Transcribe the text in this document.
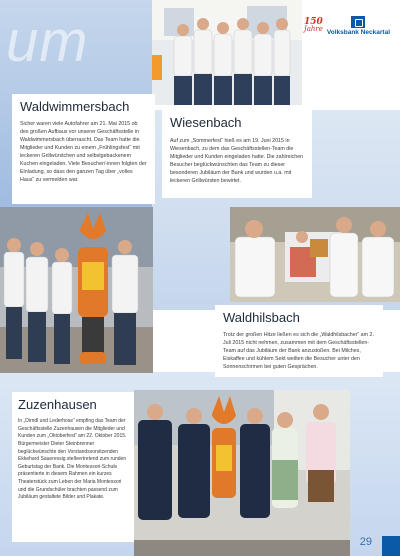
um	150
Jahre Volksbank Neckartal
Waldwimmersbach
Sicher waren viele Autofahrer am 21. Mai 2015 ob des großen Aufbaus vor unserer Geschäftsstelle in Waldwimmersbach überrascht. Das Team hatte die Mitglieder und Kunden zu einem „Frühlingsfest“ mit leckeren Grillwürstchen und selbstgebackenem Kuchen eingeladen. Viele Besucher/-innen folgten der Einladung, so dass den ganzen Tag über „volles Haus“ zu vermelden war.
Wiesenbach
Auf zum „Sommerfest“ hieß es am 19. Juni 2015 in Wiesenbach, zu dem das Geschäftsstellen-Team die Mitglieder und Kunden eingeladen hatte. Die zahlreichen Besucher begIückwünschten das Team zu dieser besonderen Jubiläum der Bank und wurden u.a. mit leckeren Grillwürsten bewirtet.
Waldhilsbach
Trotz der großen Hitze ließen es sich die „Waldhilsbacher“ am 2. Juli 2015 nicht nehmen, zusammen mit dem Geschäftsstellen-Team auf das Jubiläum der Bank anzustoßen. Bei Milches, Eiskaffee und kühlem Sekt weilten die Besucher unter den Sonnenschirmen bei guten Gesprächen.
Zuzenhausen
In „Dirndl und Lederhose“ empfing das Team der Geschäftsstelle Zuzenhausen die Mitglieder und Kunden zum „Oktoberfest“ am 22. Oktober 2015. Bürgermeister Dieter Steinbrenner beglückwünschte den Vorstandsvorsitzenden Ekkehard Saueressig stellvertretend zum runden Geburtstag der Bank. Die Montessori-Schule präsentierte in diesem Rahmen ein kurzes Theaterstück zum Leben der Maria Montessori und die Grundschüler brachten passend zum Jubiläum gestaltete Bilder und Plakate.
29
